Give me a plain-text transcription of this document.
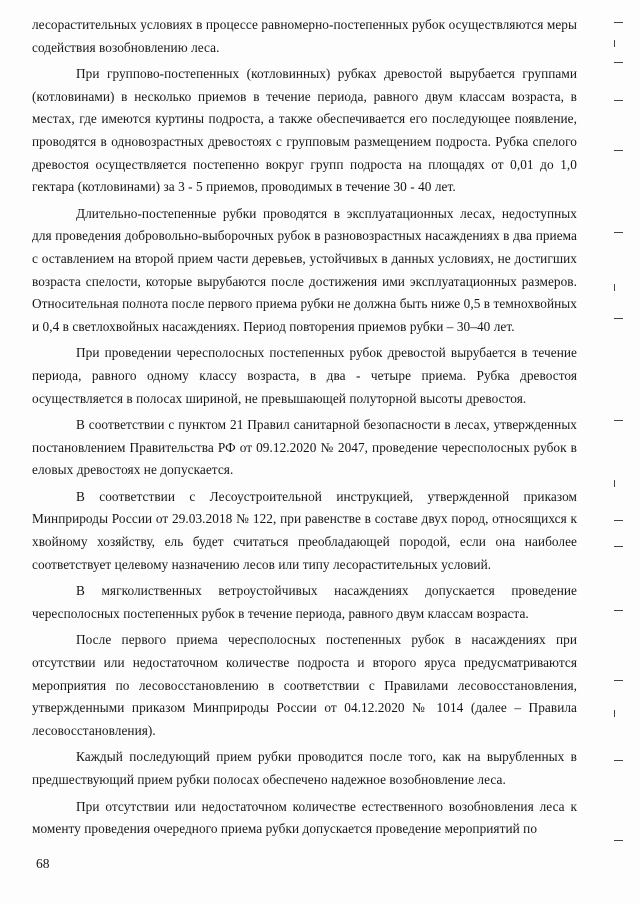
лесорастительных условиях в процессе равномерно-постепенных рубок осуществляются меры содействия возобновлению леса.

При группово-постепенных (котловинных) рубках древостой вырубается группами (котловинами) в несколько приемов в течение периода, равного двум классам возраста, в местах, где имеются куртины подроста, а также обеспечивается его последующее появление, проводятся в одновозрастных древостоях с групповым размещением подроста. Рубка спелого древостоя осуществляется постепенно вокруг групп подроста на площадях от 0,01 до 1,0 гектара (котловинами) за 3 - 5 приемов, проводимых в течение 30 - 40 лет.

Длительно-постепенные рубки проводятся в эксплуатационных лесах, недоступных для проведения добровольно-выборочных рубок в разновозрастных насаждениях в два приема с оставлением на второй прием части деревьев, устойчивых в данных условиях, не достигших возраста спелости, которые вырубаются после достижения ими эксплуатационных размеров. Относительная полнота после первого приема рубки не должна быть ниже 0,5 в темнохвойных и 0,4 в светлохвойных насаждениях. Период повторения приемов рубки – 30–40 лет.

При проведении чересполосных постепенных рубок древостой вырубается в течение периода, равного одному классу возраста, в два - четыре приема. Рубка древостоя осуществляется в полосах шириной, не превышающей полуторной высоты древостоя.

В соответствии с пунктом 21 Правил санитарной безопасности в лесах, утвержденных постановлением Правительства РФ от 09.12.2020 № 2047, проведение чересполосных рубок в еловых древостоях не допускается.

В соответствии с Лесоустроительной инструкцией, утвержденной приказом Минприроды России от 29.03.2018 № 122, при равенстве в составе двух пород, относящихся к хвойному хозяйству, ель будет считаться преобладающей породой, если она наиболее соответствует целевому назначению лесов или типу лесорастительных условий.

В мягколиственных ветроустойчивых насаждениях допускается проведение чересполосных постепенных рубок в течение периода, равного двум классам возраста.

После первого приема чересполосных постепенных рубок в насаждениях при отсутствии или недостаточном количестве подроста и второго яруса предусматриваются мероприятия по лесовосстановлению в соответствии с Правилами лесовосстановления, утвержденными приказом Минприроды России от 04.12.2020 № 1014 (далее – Правила лесовосстановления).

Каждый последующий прием рубки проводится после того, как на вырубленных в предшествующий прием рубки полосах обеспечено надежное возобновление леса.

При отсутствии или недостаточном количестве естественного возобновления леса к моменту проведения очередного приема рубки допускается проведение мероприятий по

68
